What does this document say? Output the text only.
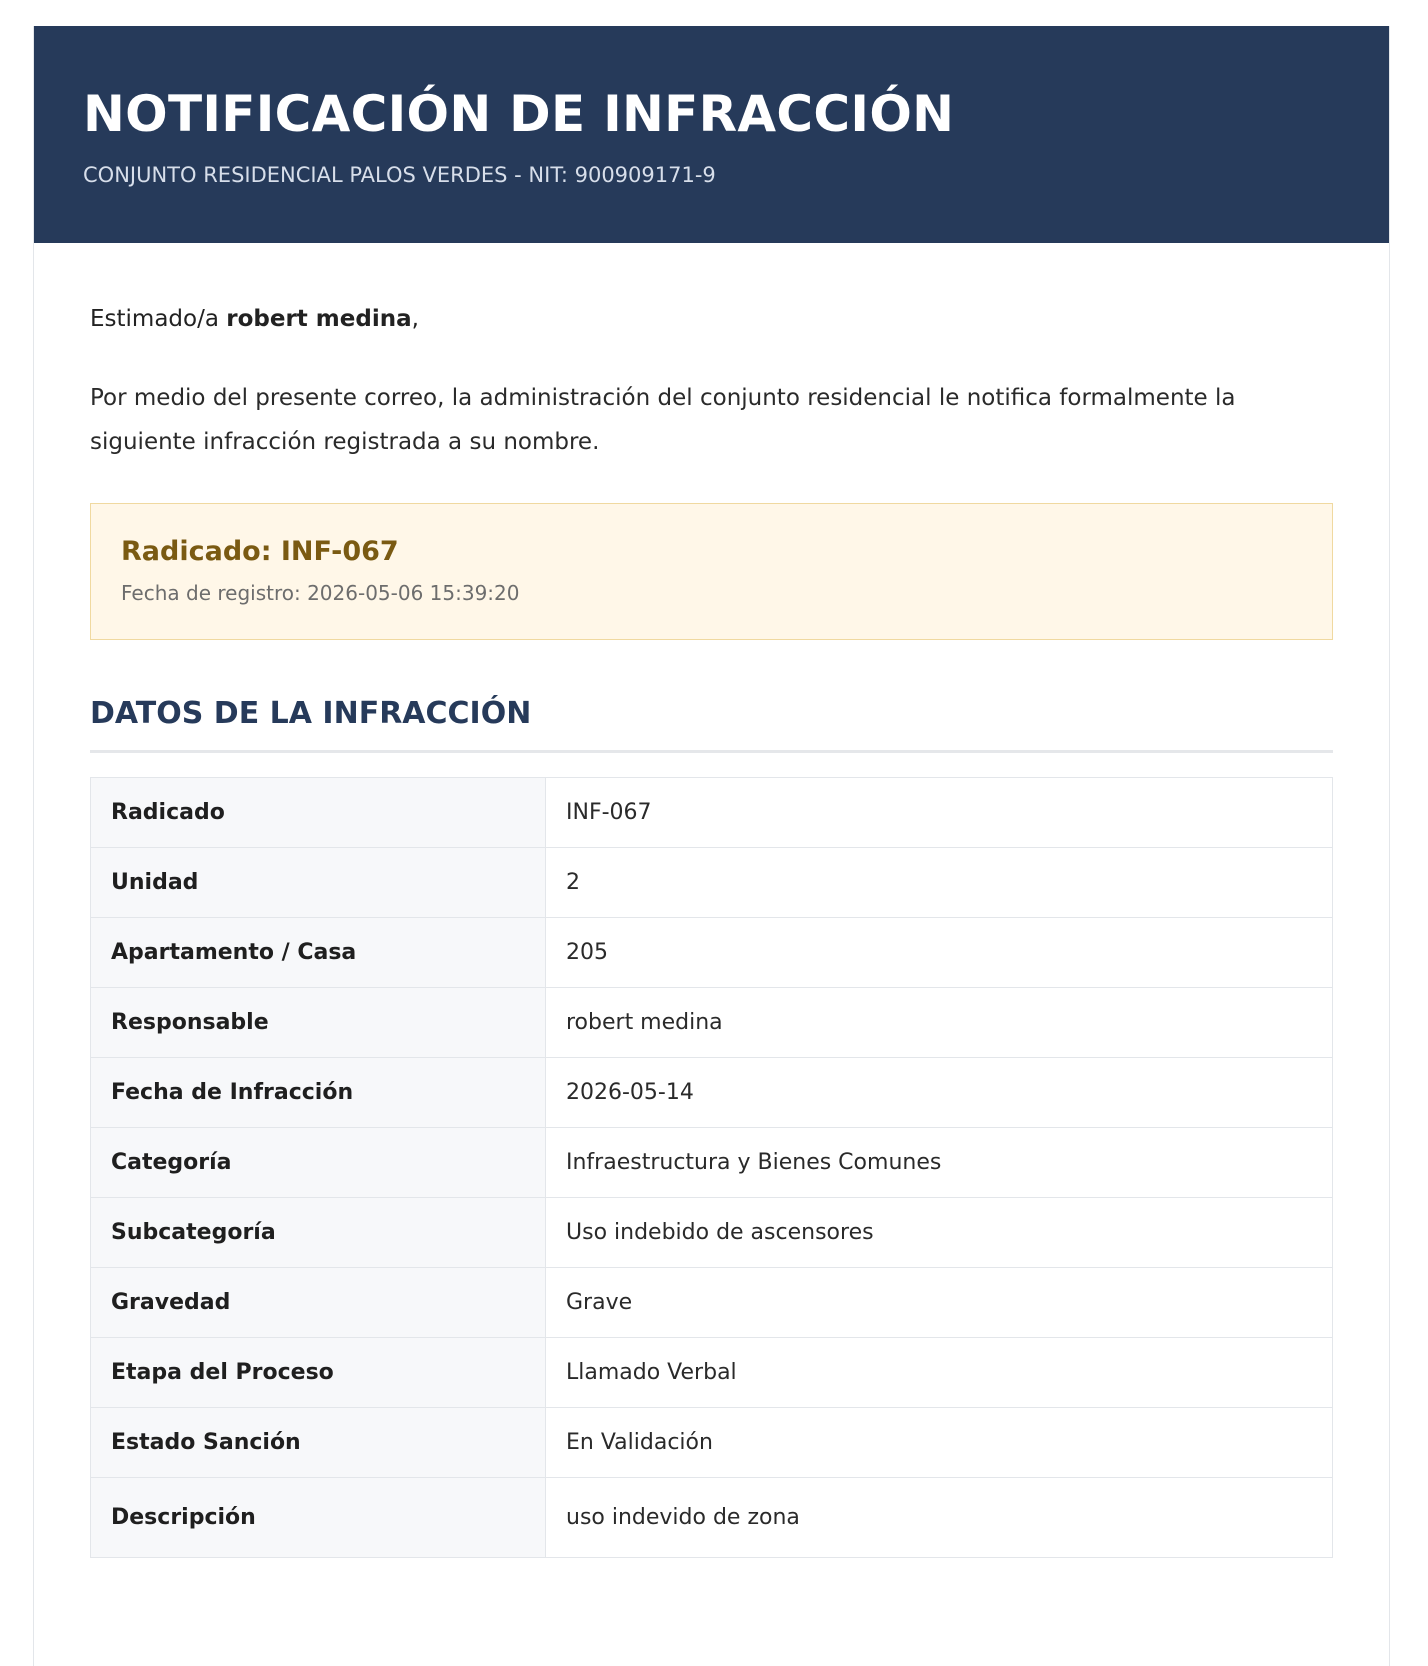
NOTIFICACIÓN DE INFRACCIÓN

CONJUNTO RESIDENCIAL PALOS VERDES - NIT: 900909171-9

Estimado/a robert medina,

Por medio del presente correo, la administración del conjunto residencial le notifica formalmente la siguiente infracción registrada a su nombre.

Radicado: INF-067

Fecha de registro: 2026-05-06 15:39:20

DATOS DE LA INFRACCIÓN
Radicado	INF-067
Unidad	2
Apartamento / Casa	205
Responsable	robert medina
Fecha de Infracción	2026-05-14
Categoría	Infraestructura y Bienes Comunes
Subcategoría	Uso indebido de ascensores
Gravedad	Grave
Etapa del Proceso	Llamado Verbal
Estado Sanción	En Validación
Descripción	uso indevido de zona
